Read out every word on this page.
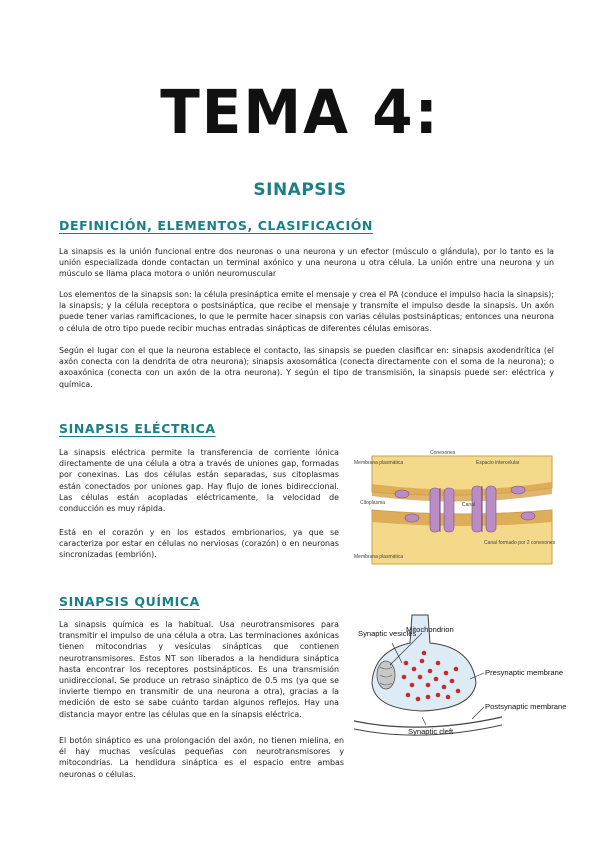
TEMA 4:
SINAPSIS
DEFINICIÓN, ELEMENTOS, CLASIFICACIÓN

La sinapsis es la unión funcional entre dos neuronas o una neurona y un efector (músculo o glándula), por lo tanto es la unión especializada donde contactan un terminal axónico y una neurona u otra célula. La unión entre una neurona y un músculo se llama placa motora o unión neuromuscular

Los elementos de la sinapsis son: la célula presináptica emite el mensaje y crea el PA (conduce el impulso hacia la sinapsis); la sinapsis; y la célula receptora o postsináptica, que recibe el mensaje y transmite el impulso desde la sinapsis. Un axón puede tener varias ramificaciones, lo que le permite hacer sinapsis con varias células postsinápticas; entonces una neurona o célula de otro tipo puede recibir muchas entradas sinápticas de diferentes células emisoras.

Según el lugar con el que la neurona establece el contacto, las sinapsis se pueden clasificar en: sinapsis axodendrítica (el axón conecta con la dendrita de otra neurona); sinapsis axosomática (conecta directamente con el soma de la neurona); o axoaxónica (conecta con un axón de la otra neurona). Y según el tipo de transmisión, la sinapsis puede ser: eléctrica y química.

SINAPSIS ELÉCTRICA

La sinapsis eléctrica permite la transferencia de corriente iónica directamente de una célula a otra a través de uniones gap, formadas por conexinas. Las dos células están separadas, sus citoplasmas están conectados por uniones gap. Hay flujo de iones bidireccional. Las células están acopladas eléctricamente, la velocidad de conducción es muy rápida.

Está en el corazón y en los estados embrionarios, ya que se caracteriza por estar en células no nerviosas (corazón) o en neuronas sincronizadas (embrión).

Conexones
Espacio intercelular
Membrana plasmática
Citoplasma	Canal
Membrana plasmática
Canal formado por 2 conexones
SINAPSIS QUÍMICA

La sinapsis química es la habitual. Usa neurotransmisores para transmitir el impulso de una célula a otra. Las terminaciones axónicas tienen mitocondrias y vesículas sinápticas que contienen neurotransmisores. Estos NT son liberados a la hendidura sináptica hasta encontrar los receptores postsinápticos. Es una transmisión unidireccional. Se produce un retraso sináptico de 0.5 ms (ya que se invierte tiempo en transmitir de una neurona a otra), gracias a la medición de esto se sabe cuánto tardan algunos reflejos. Hay una distancia mayor entre las células que en la sinapsis eléctrica.

El botón sináptico es una prolongación del axón, no tienen mielina, en él hay muchas vesículas pequeñas con neurotransmisores y mitocondrias. La hendidura sináptica es el espacio entre ambas neuronas o células.

Synaptic vesicles
Mitochondrion
Presynaptic membrane
Postsynaptic membrane
Synaptic cleft
